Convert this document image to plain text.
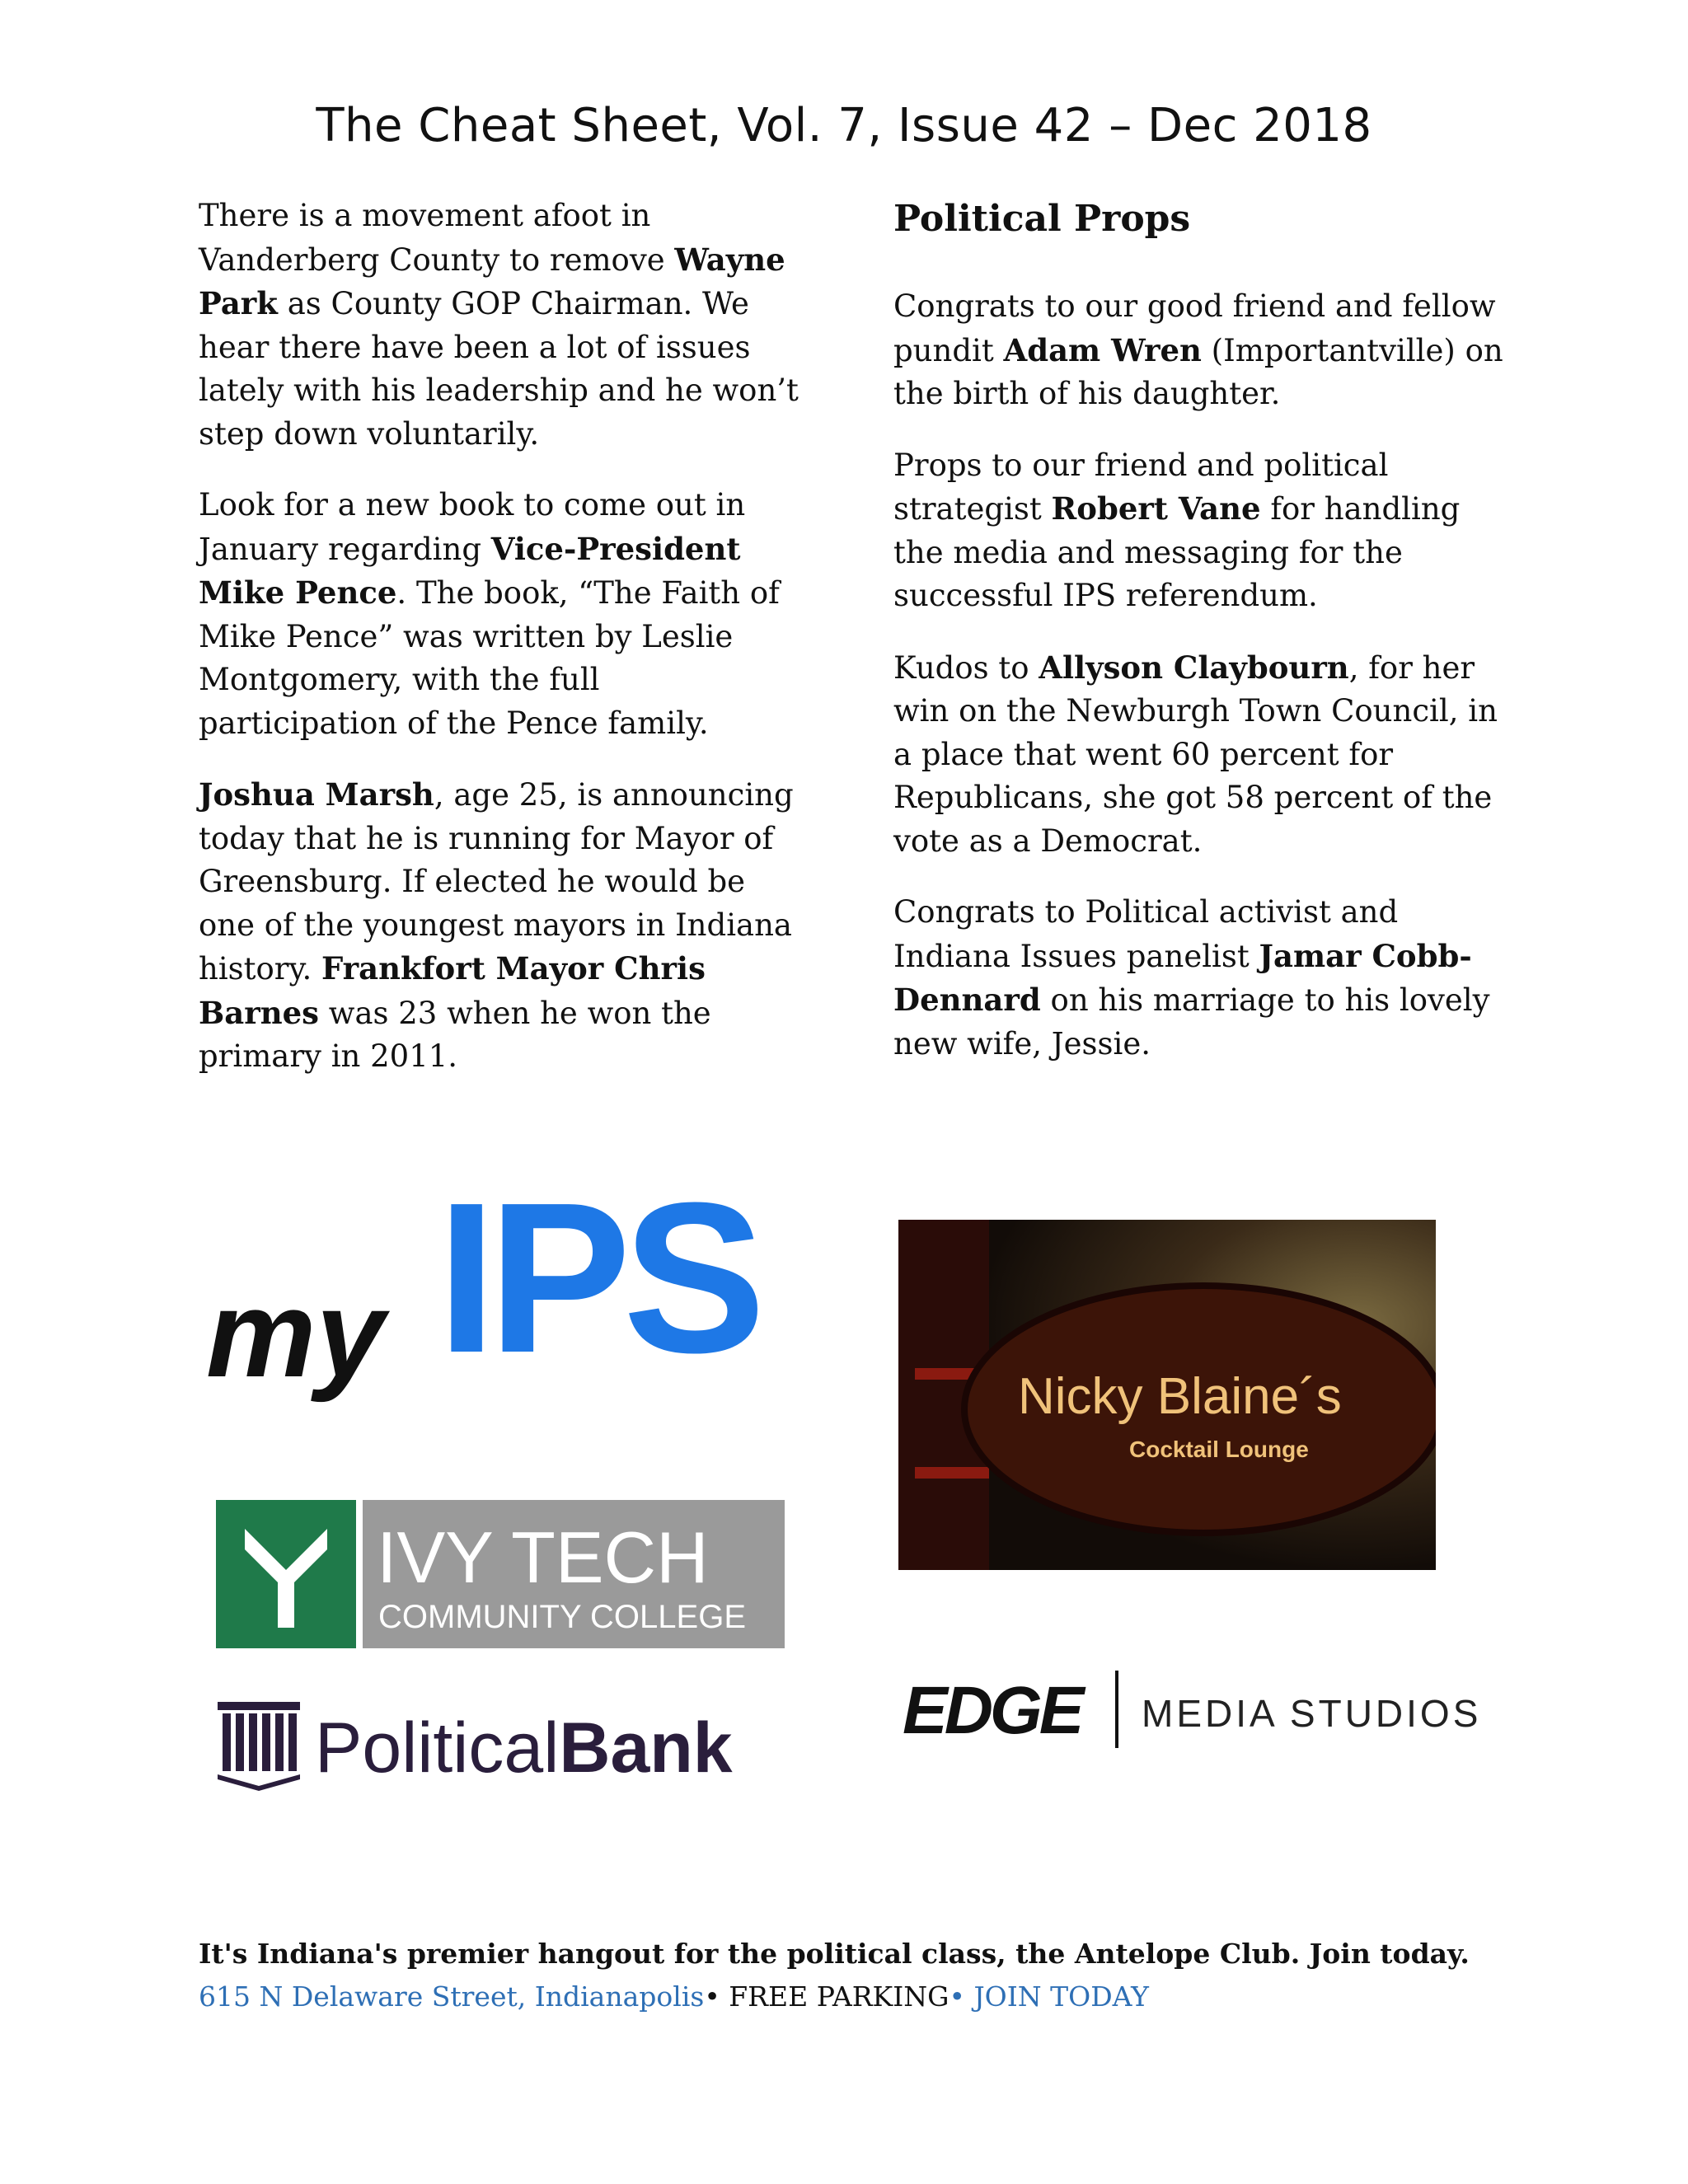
The Cheat Sheet, Vol. 7, Issue 42 – Dec 2018

There is a movement afoot in Vanderberg County to remove Wayne Park as County GOP Chairman. We hear there have been a lot of issues lately with his leadership and he won’t step down voluntarily.

Look for a new book to come out in January regarding Vice-President Mike Pence. The book, “The Faith of Mike Pence” was written by Leslie Montgomery, with the full participation of the Pence family.

Joshua Marsh, age 25, is announcing today that he is running for Mayor of Greensburg. If elected he would be one of the youngest mayors in Indiana history. Frankfort Mayor Chris Barnes was 23 when he won the primary in 2011.

Political Props

Congrats to our good friend and fellow pundit Adam Wren (Importantville) on the birth of his daughter.

Props to our friend and political strategist Robert Vane for handling the media and messaging for the successful IPS referendum.

Kudos to Allyson Claybourn, for her win on the Newburgh Town Council, in a place that went 60 percent for Republicans, she got 58 percent of the vote as a Democrat.

Congrats to Political activist and Indiana Issues panelist Jamar Cobb-Dennard on his marriage to his lovely new wife, Jessie.

IPS
my
IVY TECH
COMMUNITY COLLEGE
PoliticalBank
Nicky Blaine´s
Cocktail Lounge
EDGE MEDIA STUDIOS
It's Indiana's premier hangout for the political class, the Antelope Club. Join today. 615 N Delaware Street, Indianapolis• FREE PARKING• JOIN TODAY
